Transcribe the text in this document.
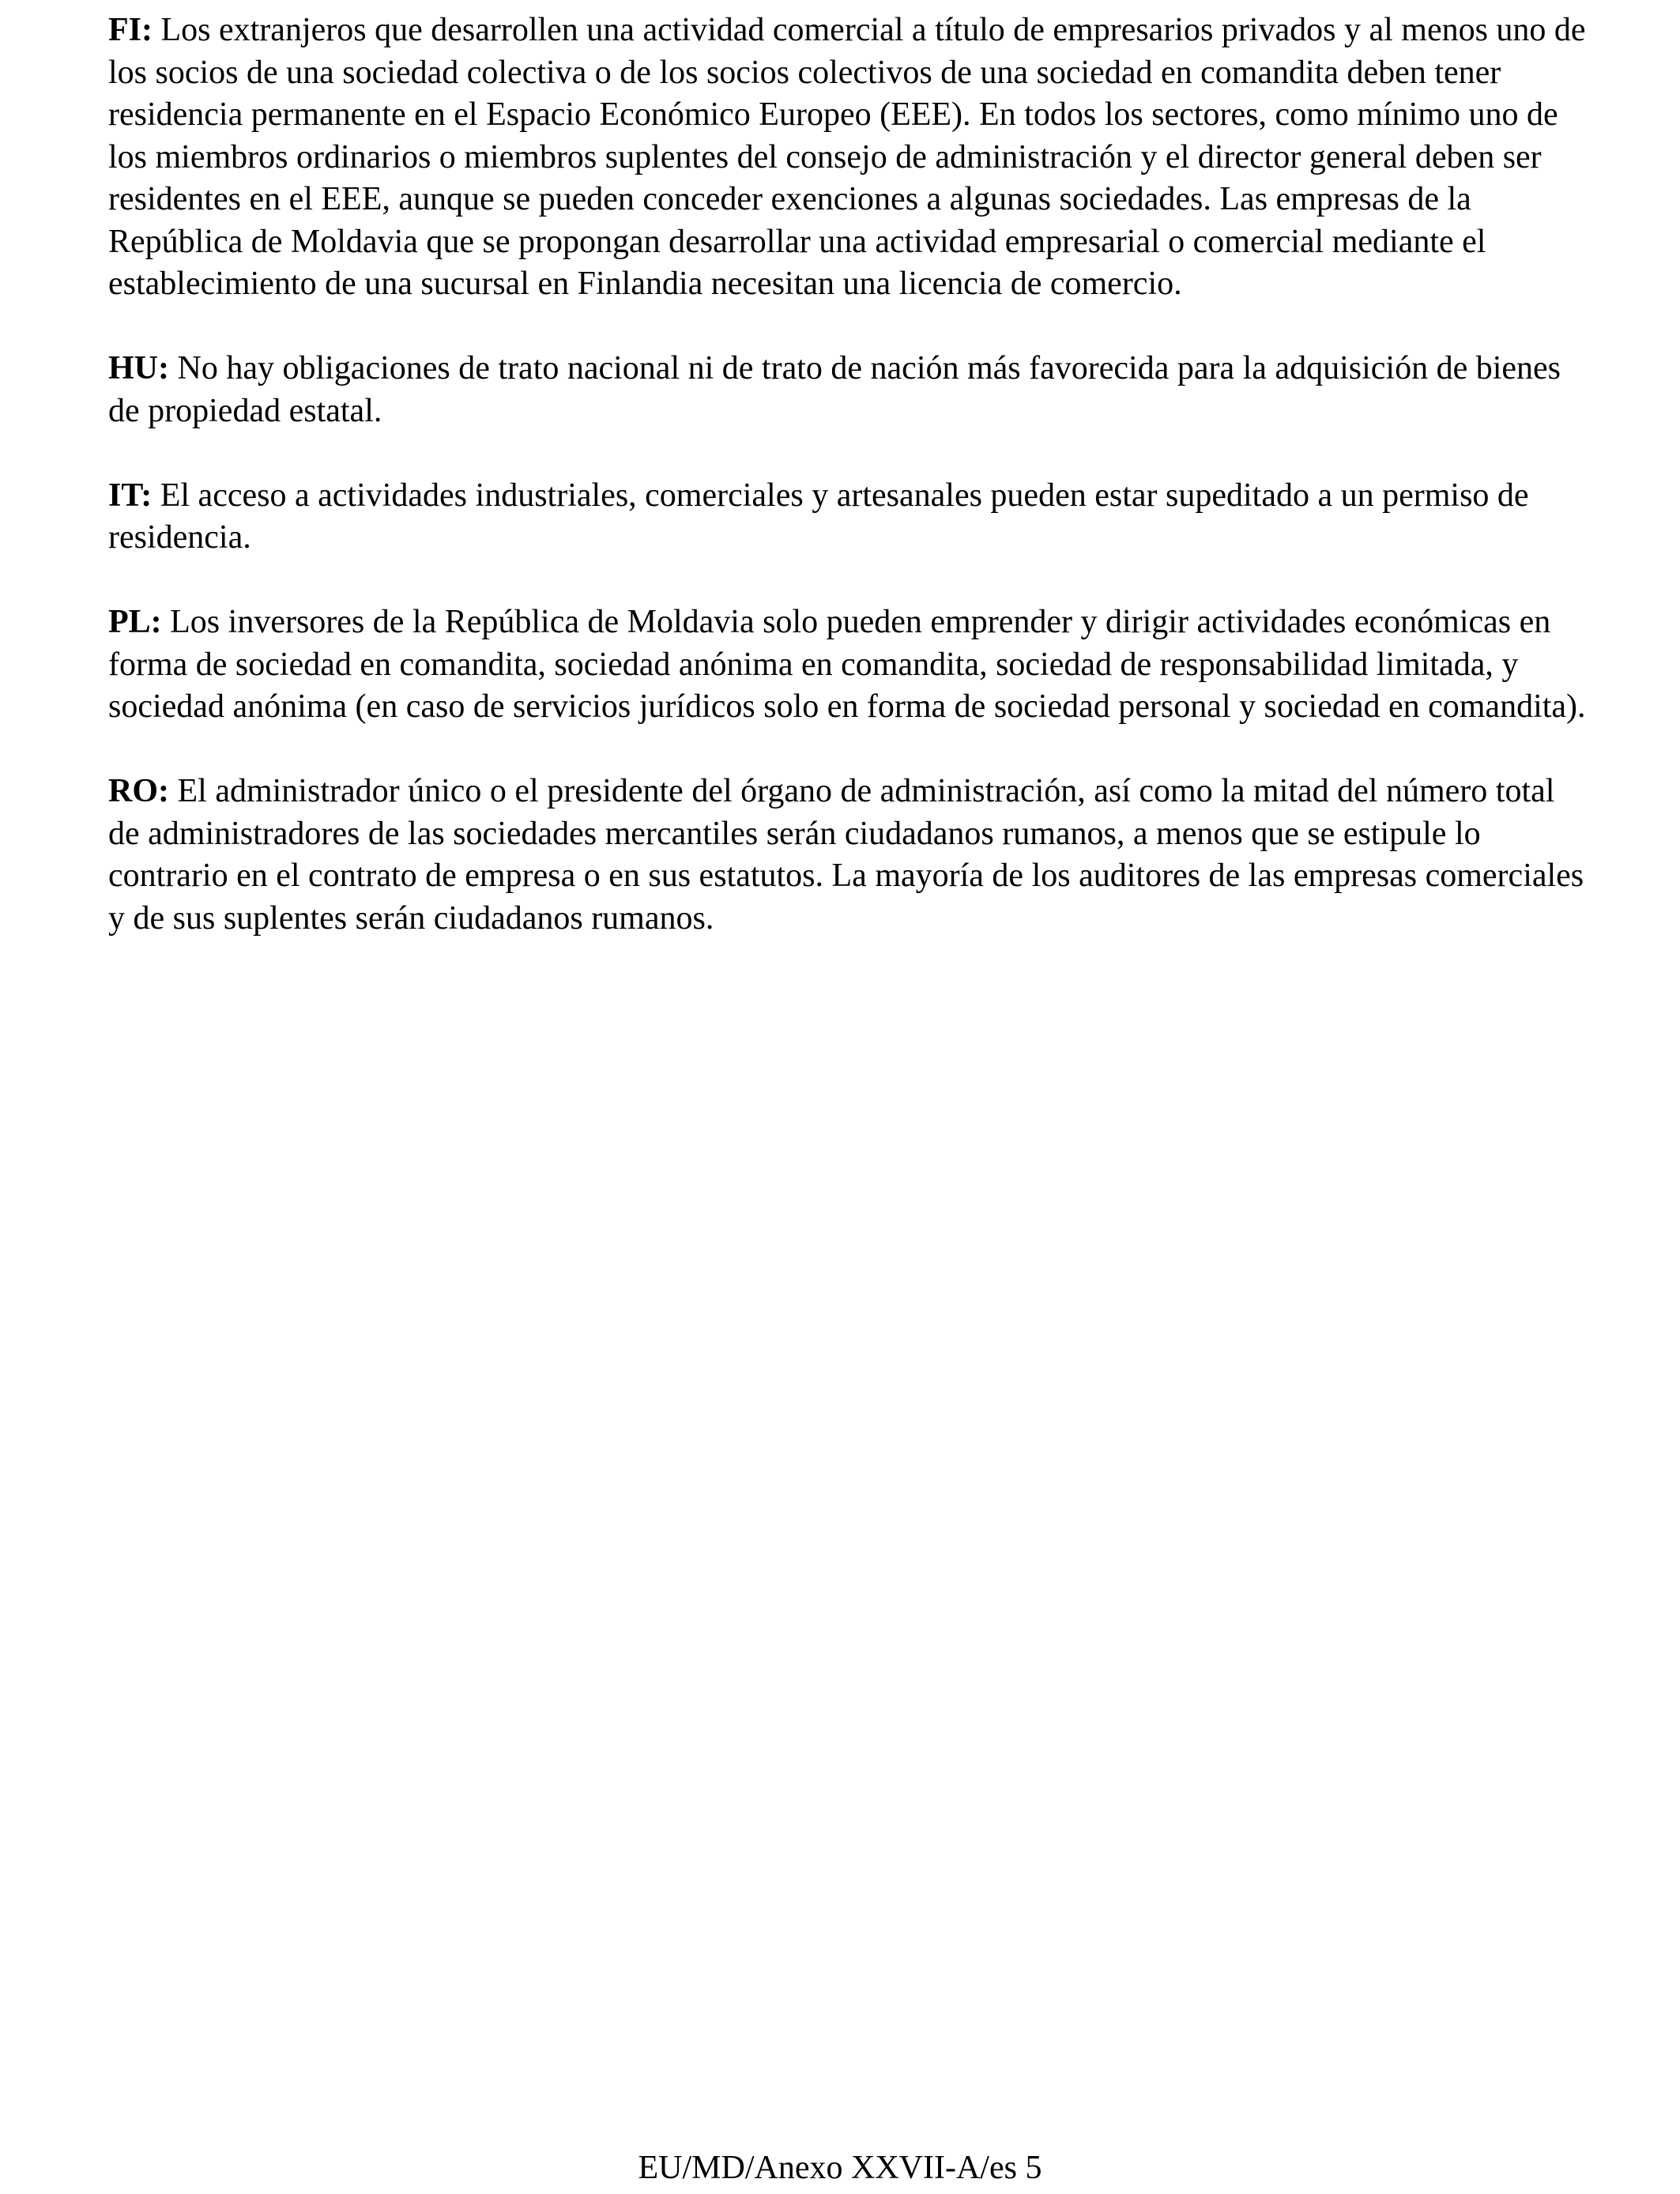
FI: Los extranjeros que desarrollen una actividad comercial a título de empresarios privados y al menos uno de los socios de una sociedad colectiva o de los socios colectivos de una sociedad en comandita deben tener residencia permanente en el Espacio Económico Europeo (EEE). En todos los sectores, como mínimo uno de los miembros ordinarios o miembros suplentes del consejo de administración y el director general deben ser residentes en el EEE, aunque se pueden conceder exenciones a algunas sociedades. Las empresas de la República de Moldavia que se propongan desarrollar una actividad empresarial o comercial mediante el establecimiento de una sucursal en Finlandia necesitan una licencia de comercio.

HU: No hay obligaciones de trato nacional ni de trato de nación más favorecida para la adquisición de bienes de propiedad estatal.

IT: El acceso a actividades industriales, comerciales y artesanales pueden estar supeditado a un permiso de residencia.

PL: Los inversores de la República de Moldavia solo pueden emprender y dirigir actividades económicas en forma de sociedad en comandita, sociedad anónima en comandita, sociedad de responsabilidad limitada, y sociedad anónima (en caso de servicios jurídicos solo en forma de sociedad personal y sociedad en comandita).

RO: El administrador único o el presidente del órgano de administración, así como la mitad del número total de administradores de las sociedades mercantiles serán ciudadanos rumanos, a menos que se estipule lo contrario en el contrato de empresa o en sus estatutos. La mayoría de los auditores de las empresas comerciales y de sus suplentes serán ciudadanos rumanos.

EU/MD/Anexo XXVII-A/es 5
